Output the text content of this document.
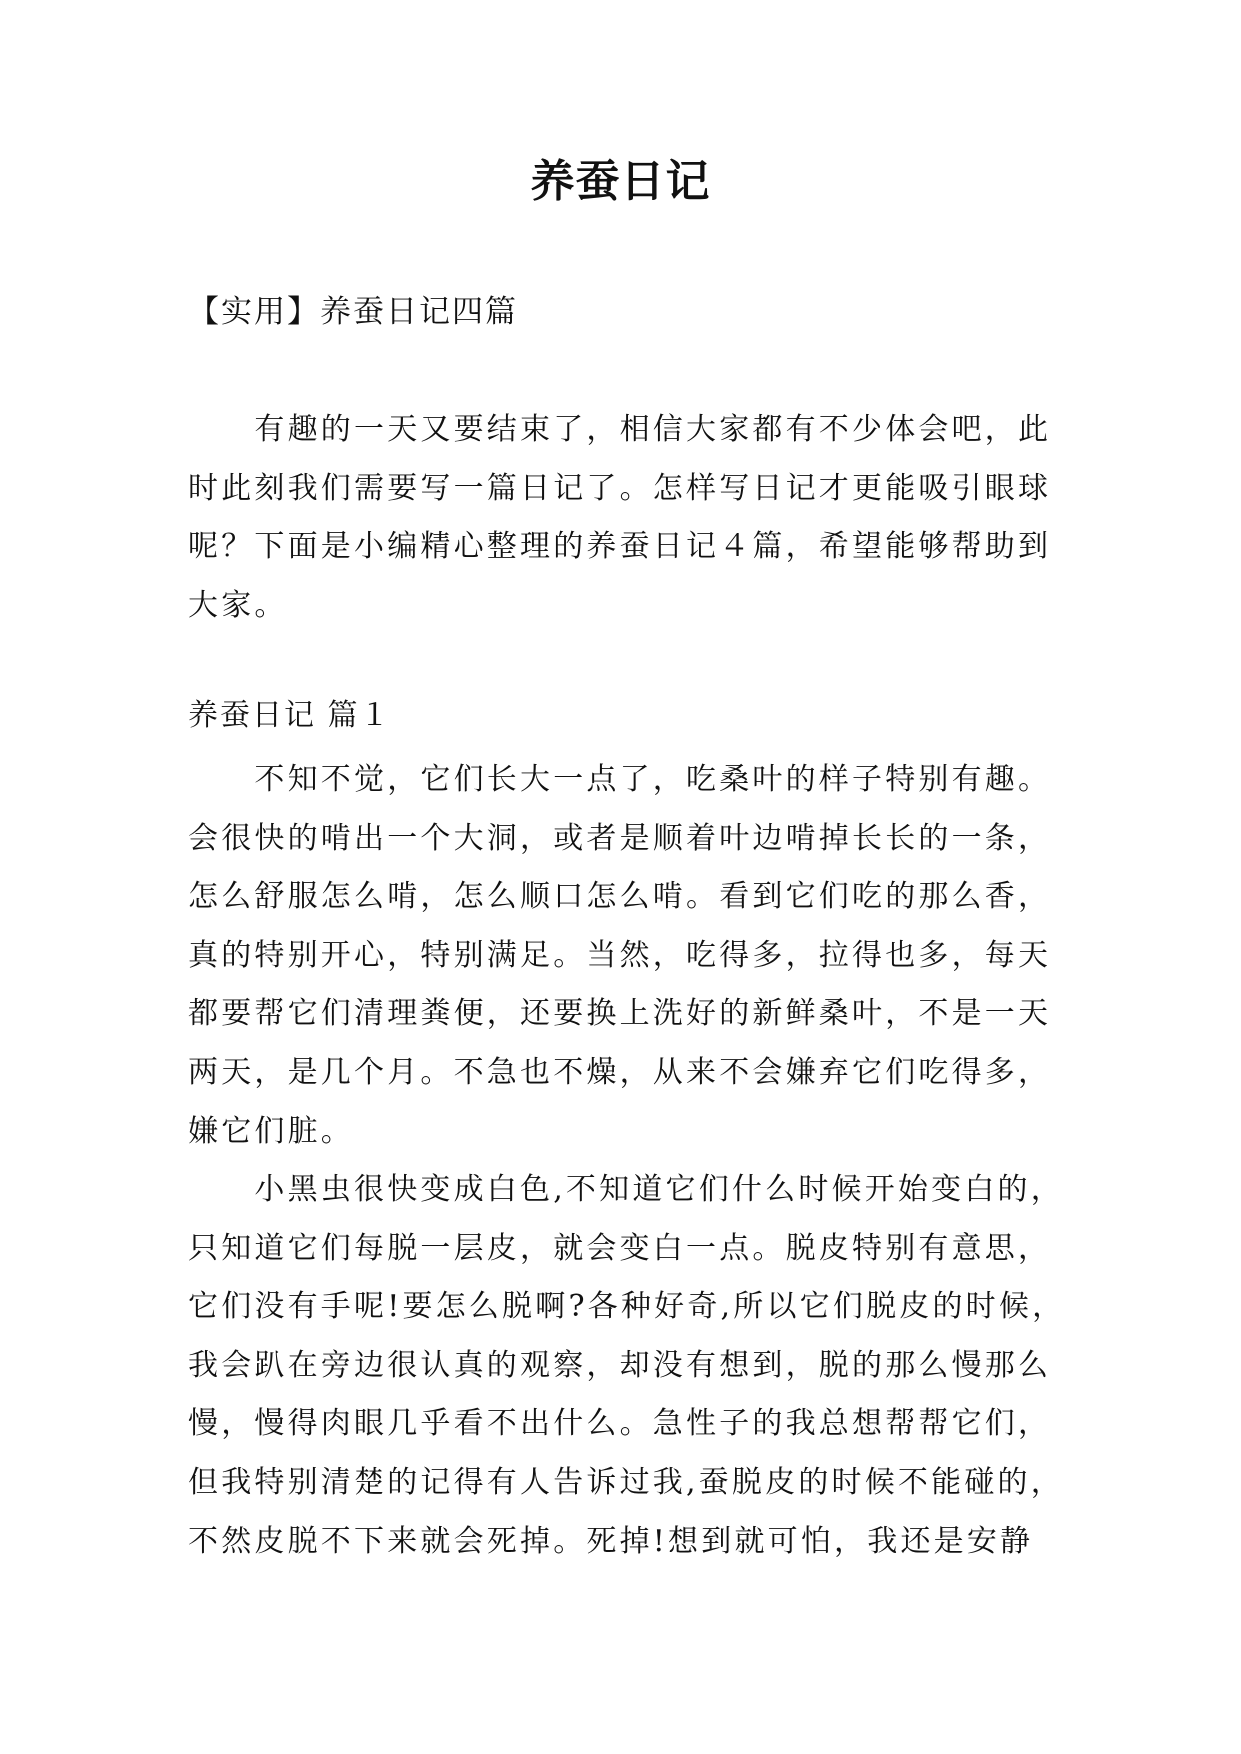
养蚕日记

【实用】养蚕日记四篇

　　有趣的一天又要结束了，相信大家都有不少体会吧，此
时此刻我们需要写一篇日记了。怎样写日记才更能吸引眼球
呢？下面是小编精心整理的养蚕日记４篇，希望能够帮助到
大家。

养蚕日记 篇１

　　不知不觉，它们长大一点了，吃桑叶的样子特别有趣。
会很快的啃出一个大洞，或者是顺着叶边啃掉长长的一条，
怎么舒服怎么啃，怎么顺口怎么啃。看到它们吃的那么香，
真的特别开心，特别满足。当然，吃得多，拉得也多，每天
都要帮它们清理粪便，还要换上洗好的新鲜桑叶，不是一天
两天，是几个月。不急也不燥，从来不会嫌弃它们吃得多，
嫌它们脏。
　　小黑虫很快变成白色,不知道它们什么时候开始变白的，
只知道它们每脱一层皮，就会变白一点。脱皮特别有意思，
它们没有手呢!要怎么脱啊?各种好奇,所以它们脱皮的时候，
我会趴在旁边很认真的观察，却没有想到，脱的那么慢那么
慢，慢得肉眼几乎看不出什么。急性子的我总想帮帮它们，
但我特别清楚的记得有人告诉过我,蚕脱皮的时候不能碰的，
不然皮脱不下来就会死掉。死掉!想到就可怕，我还是安静
